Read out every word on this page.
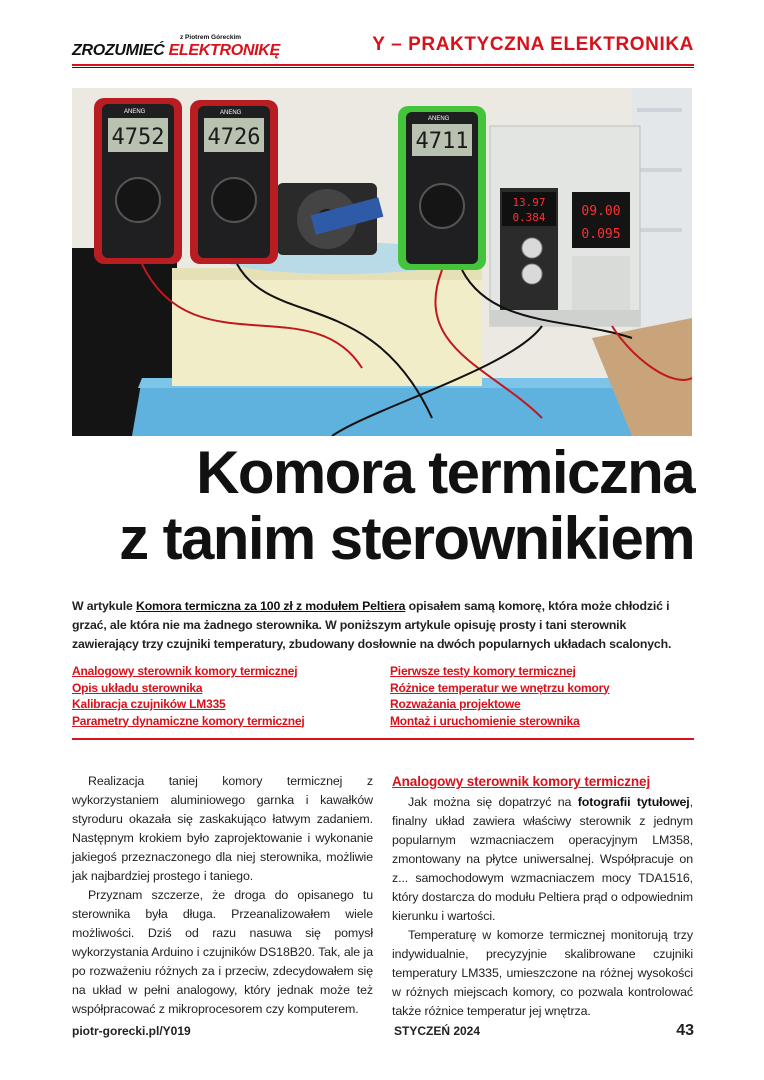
ZROZUMIEĆ ELEKTRONIKĘ
z Piotrem Góreckim	Y – PRAKTYCZNA ELEKTRONIKA
4752 4726	4711
ANENG	ANENG
ANENG
13.97
0.384	09.00
0.095
Komora termiczna
z tanim sterownikiem
W artykule Komora termiczna za 100 zł z modułem Peltiera opisałem samą komorę, która może chłodzić i grzać, ale która nie ma żadnego sterownika. W poniższym artykule opisuję prosty i tani sterownik zawierający trzy czujniki temperatury, zbudowany dosłownie na dwóch popularnych układach scalonych.
Analogowy sterownik komory termicznej
Opis układu sterownika
Kalibracja czujników LM335
Parametry dynamiczne komory termicznej
Pierwsze testy komory termicznej
Różnice temperatur we wnętrzu komory
Rozważania projektowe
Montaż i uruchomienie sterownika

Realizacja taniej komory termicznej z wykorzystaniem aluminiowego garnka i kawałków styroduru okazała się zaskakująco łatwym zadaniem. Następnym krokiem było zaprojektowanie i wykonanie jakiegoś przeznaczonego dla niej sterownika, możliwie jak najbardziej prostego i taniego.

Przyznam szczerze, że droga do opisanego tu sterownika była długa. Przeanalizowałem wiele możliwości. Dziś od razu nasuwa się pomysł wykorzystania Arduino i czujników DS18B20. Tak, ale ja po rozważeniu różnych za i przeciw, zdecydowałem się na układ w pełni analogowy, który jednak może też współpracować z mikroprocesorem czy komputerem.

Analogowy sterownik komory termicznej

Jak można się dopatrzyć na fotografii tytułowej, finalny układ zawiera właściwy sterownik z jednym popularnym wzmacniaczem operacyjnym LM358, zmontowany na płytce uniwersalnej. Współpracuje on z... samochodowym wzmacniaczem mocy TDA1516, który dostarcza do modułu Peltiera prąd o odpowiednim kierunku i wartości.

Temperaturę w komorze termicznej monitorują trzy indywidualnie, precyzyjnie skalibrowane czujniki temperatury LM335, umieszczone na różnej wysokości w różnych miejscach komory, co pozwala kontrolować także różnice temperatur jej wnętrza.

piotr-gorecki.pl/Y019	STYCZEŃ 2024	43
